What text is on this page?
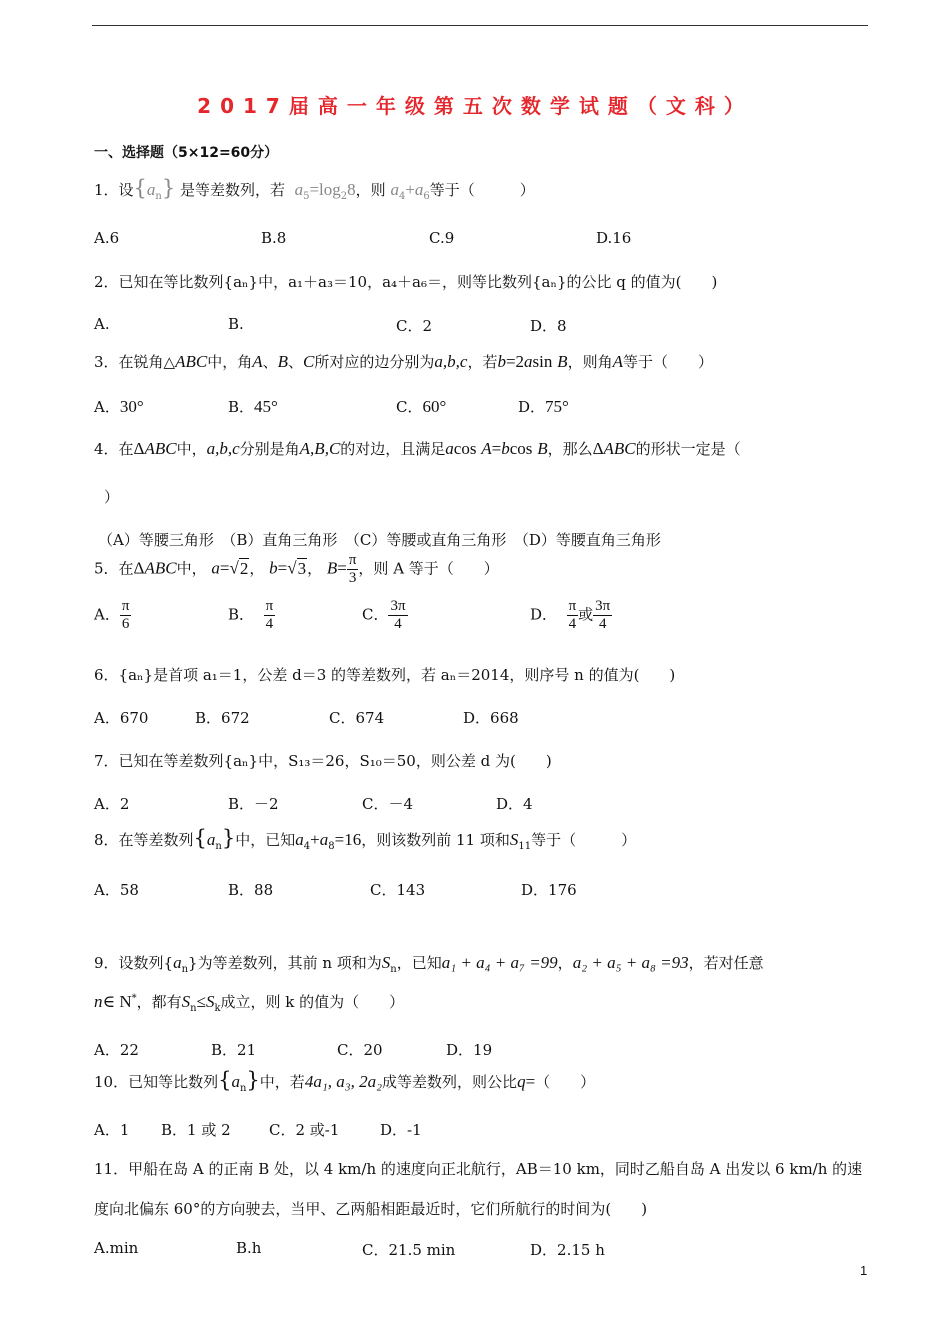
2017届高一年级第五次数学试题（文科）
一、选择题（5×12=60分）
1．设$\{a_n\}$ 是等差数列，若 $a_5=\log_28$，则 $a_4+a_6$等于（　　　）
A.6	B.8	C.9	D.16
2．已知在等比数列{aₙ}中，a₁＋a₃＝10，a₄＋a₆＝，则等比数列{aₙ}的公比 q 的值为(　　)
A.	B.	C．2	D．8
3．在锐角△ABC中，角A、B、C所对应的边分别为a,b,c，若b=2asin B，则角A等于（　　）
A．30°	B．45°	C．60°	D．75°
4．在ΔABC中，a,b,c分别是角A,B,C的对边，且满足acos A=bcos B，那么ΔABC的形状一定是（
）
（A）等腰三角形　（B）直角三角形　（C）等腰或直角三角形　（D）等腰直角三角形
5．在ΔABC中， a=√2， b=√3， $B= \frac{\pi}{3}$ ，则 A 等于（　　）
A． $\frac{\pi}{6}$	B． $\frac{\pi}{4}$	C． $\frac{3\pi}{4}$	D． $\frac{\pi}{4}$ 或 $\frac{3\pi}{4}$
6．{aₙ}是首项 a₁＝1，公差 d＝3 的等差数列，若 aₙ＝2014，则序号 n 的值为(　　)
A．670	B．672	C．674	D．668
7．已知在等差数列{aₙ}中，S₁₃＝26，S₁₀＝50，则公差 d 为(　　)
A．2	B．－2	C．－4	D．4
8．在等差数列$\{a_n\}$中，已知$a_4+a_8=16$，则该数列前 11 项和$S_{11}$等于（　　　）
A．58	B．88	C．143	D．176
9．设数列$\{a_n\}$为等差数列，其前 n 项和为$S_n$，已知a₁ + a₄ + a₇ =99，a₂ + a₅ + a₈ =93，若对任意
n∈ N*，都有$S_n\le S_k$成立，则 k 的值为（　　）
A．22	B．21	C．20	D．19
10．已知等比数列$\{a_n\}$中，若4a₁, a₃, 2a₂成等差数列，则公比q=（　　）
A．1 B．1 或 2	C．2 或-1	D．-1
11．甲船在岛 A 的正南 B 处，以 4 km/h 的速度向正北航行，AB＝10 km，同时乙船自岛 A 出发以 6 km/h 的速
度向北偏东 60°的方向驶去，当甲、乙两船相距最近时，它们所航行的时间为(　　)
A.min	B.h	C．21.5 min	D．2.15 h
1
